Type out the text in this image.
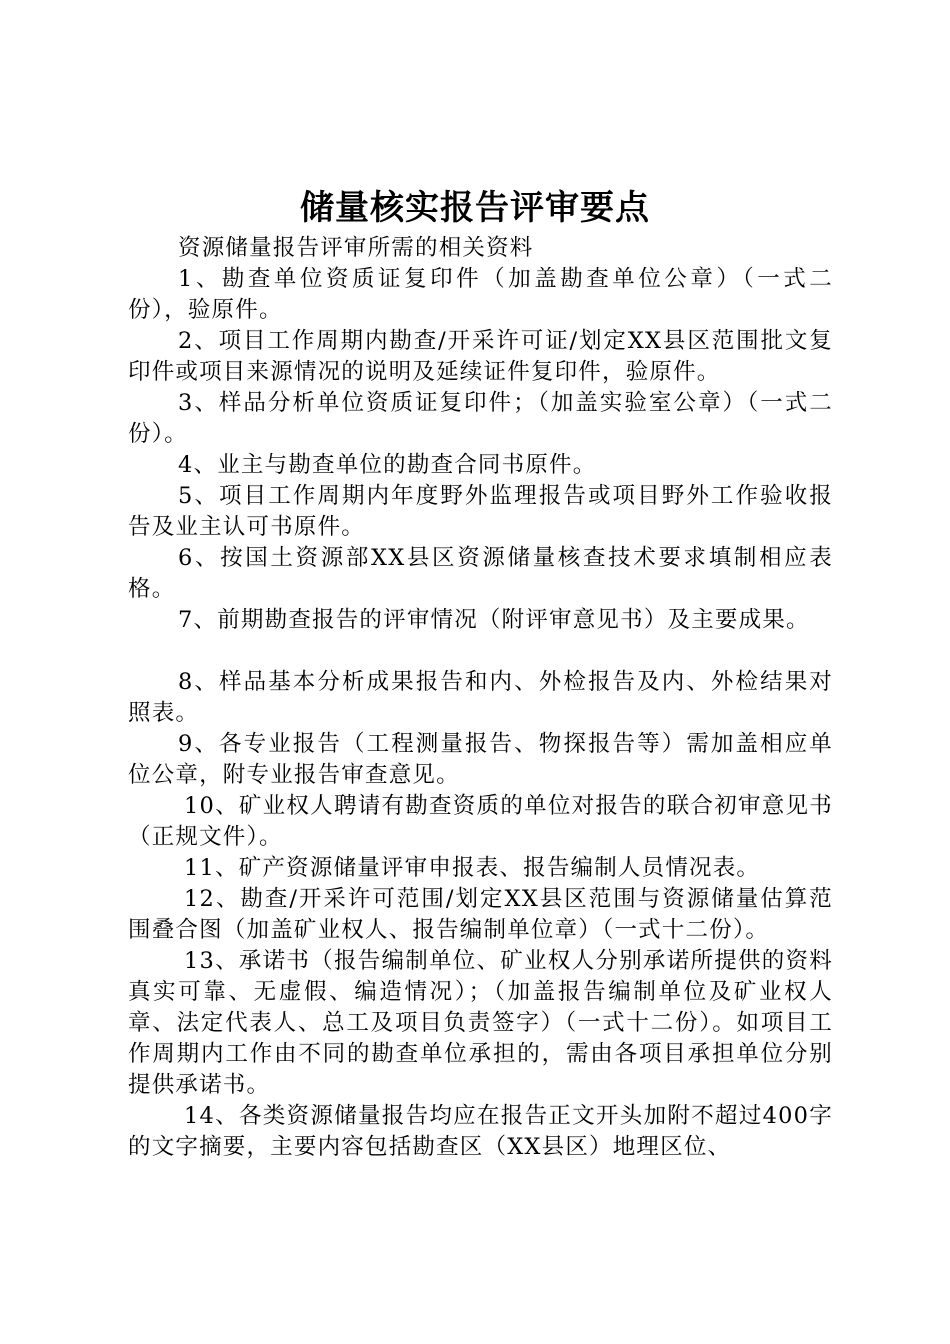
储量核实报告评审要点

资源储量报告评审所需的相关资料

1、勘查单位资质证复印件（加盖勘查单位公章）（一式二份），验原件。

2、项目工作周期内勘查/开采许可证/划定XX县区范围批文复印件或项目来源情况的说明及延续证件复印件，验原件。

3、样品分析单位资质证复印件；（加盖实验室公章）（一式二份）。

4、业主与勘查单位的勘查合同书原件。

5、项目工作周期内年度野外监理报告或项目野外工作验收报告及业主认可书原件。

6、按国土资源部XX县区资源储量核查技术要求填制相应表格。

7、前期勘查报告的评审情况（附评审意见书）及主要成果。

8、样品基本分析成果报告和内、外检报告及内、外检结果对照表。

9、各专业报告（工程测量报告、物探报告等）需加盖相应单位公章，附专业报告审查意见。

10、矿业权人聘请有勘查资质的单位对报告的联合初审意见书（正规文件）。

11、矿产资源储量评审申报表、报告编制人员情况表。

12、勘查/开采许可范围/划定XX县区范围与资源储量估算范围叠合图（加盖矿业权人、报告编制单位章）（一式十二份）。

13、承诺书（报告编制单位、矿业权人分别承诺所提供的资料真实可靠、无虚假、编造情况）；（加盖报告编制单位及矿业权人章、法定代表人、总工及项目负责签字）（一式十二份）。如项目工作周期内工作由不同的勘查单位承担的，需由各项目承担单位分别提供承诺书。

14、各类资源储量报告均应在报告正文开头加附不超过400字的文字摘要，主要内容包括勘查区（XX县区）地理区位、
